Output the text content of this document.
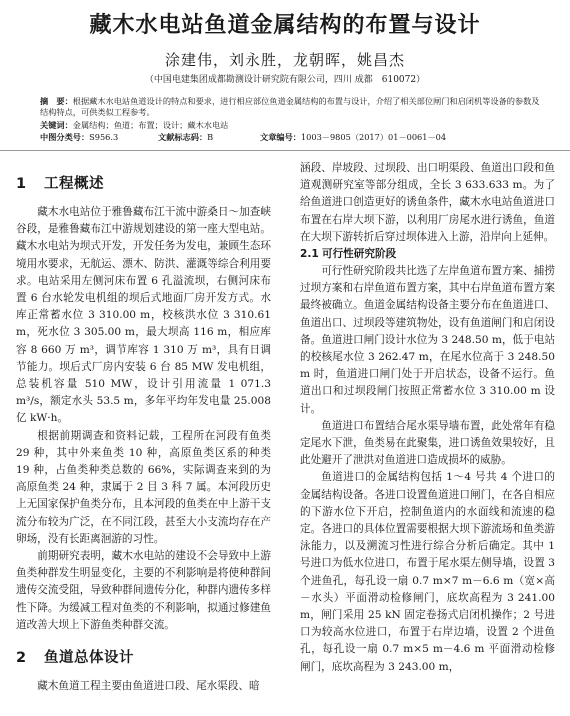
藏木水电站鱼道金属结构的布置与设计
涂建伟，刘永胜，龙朝晖，姚昌杰
（中国电建集团成都勘测设计研究院有限公司，四川 成都　610072）
摘　要：根据藏木水电站鱼道设计的特点和要求，进行相应部位鱼道金属结构的布置与设计，介绍了相关部位闸门和启闭机等设备的参数及结构特点，可供类似工程参考。
关键词：金属结构；鱼道；布置；设计；藏木水电站
中图分类号：S956.3	文献标志码：B	文章编号：1003－9805（2017）01－0061－04
1 工程概述

藏木水电站位于雅鲁藏布江干流中游桑日～加查峡谷段，是雅鲁藏布江中游规划建设的第一座大型电站。藏木水电站为坝式开发，开发任务为发电，兼顾生态环境用水要求，无航运、漂木、防洪、灌溉等综合利用要求。电站采用左侧河床布置 6 孔溢流坝，右侧河床布置 6 台水轮发电机组的坝后式地面厂房开发方式。水库正常蓄水位 3 310.00 m，校核洪水位 3 310.61 m，死水位 3 305.00 m，最大坝高 116 m，相应库容 8 660 万 m³，调节库容 1 310 万 m³，具有日调节能力。坝后式厂房内安装 6 台 85 MW 发电机组，总装机容量 510 MW，设计引用流量 1 071.3 m³/s，额定水头 53.5 m，多年平均年发电量 25.008 亿 kW·h。

根据前期调查和资料记载，工程所在河段有鱼类 29 种，其中外来鱼类 10 种，高原鱼类区系的种类 19 种，占鱼类种类总数的 66%，实际调查来到的为高原鱼类 24 种，隶属于 2 目 3 科 7 属。本河段历史上无国家保护鱼类分布，且本河段的鱼类在中上游干支流分布较为广泛，在不同江段，甚至大小支流均存在产卵场，没有长距离洄游的习性。

前期研究表明，藏木水电站的建设不会导致中上游鱼类种群发生明显变化，主要的不利影响是将使种群间遗传交流受阻，导致种群间遗传分化，种群内遗传多样性下降。为缓减工程对鱼类的不利影响，拟通过修建鱼道改善大坝上下游鱼类种群交流。

2 鱼道总体设计

藏木鱼道工程主要由鱼道进口段、尾水渠段、暗

涵段、岸坡段、过坝段、出口明渠段、鱼道出口段和鱼道观测研究室等部分组成，全长 3 633.633 m。为了给鱼道进口创造更好的诱鱼条件，藏木水电站鱼道进口布置在右岸大坝下游，以利用厂房尾水进行诱鱼，鱼道在大坝下游转折后穿过坝体进入上游，沿岸向上延伸。

2.1 可行性研究阶段

可行性研究阶段共比选了左岸鱼道布置方案、捕捞过坝方案和右岸鱼道布置方案，其中右岸鱼道布置方案最终被确立。鱼道金属结构设备主要分布在鱼道进口、鱼道出口、过坝段等建筑物处，设有鱼道闸门和启闭设备。鱼道进口闸门设计水位为 3 248.50 m，低于电站的校核尾水位 3 262.47 m，在尾水位高于 3 248.50 m 时，鱼道进口闸门处于开启状态，设备不运行。鱼道出口和过坝段闸门按照正常蓄水位 3 310.00 m 设计。

鱼道进口布置结合尾水渠导墙布置，此处常年有稳定尾水下泄，鱼类易在此聚集，进口诱鱼效果较好，且此处避开了泄洪对鱼道进口造成损坏的威胁。

鱼道进口的金属结构包括 1～4 号共 4 个进口的金属结构设备。各进口设置鱼道进口闸门，在各自相应的下游水位下开启，控制鱼道内的水面线和流速的稳定。各进口的具体位置需要根据大坝下游流场和鱼类游泳能力，以及溯流习性进行综合分析后确定。其中 1 号进口为低水位进口，布置于尾水渠左侧导墙，设置 3 个进鱼孔，每孔设一扇 0.7 m×7 m－6.6 m（宽×高－水头）平面滑动检修闸门，底坎高程为 3 241.00 m，闸门采用 25 kN 固定卷扬式启闭机操作；2 号进口为较高水位进口，布置于右岸边墙，设置 2 个进鱼孔，每孔设一扇 0.7 m×5 m－4.6 m 平面滑动检修闸门，底坎高程为 3 243.00 m，
